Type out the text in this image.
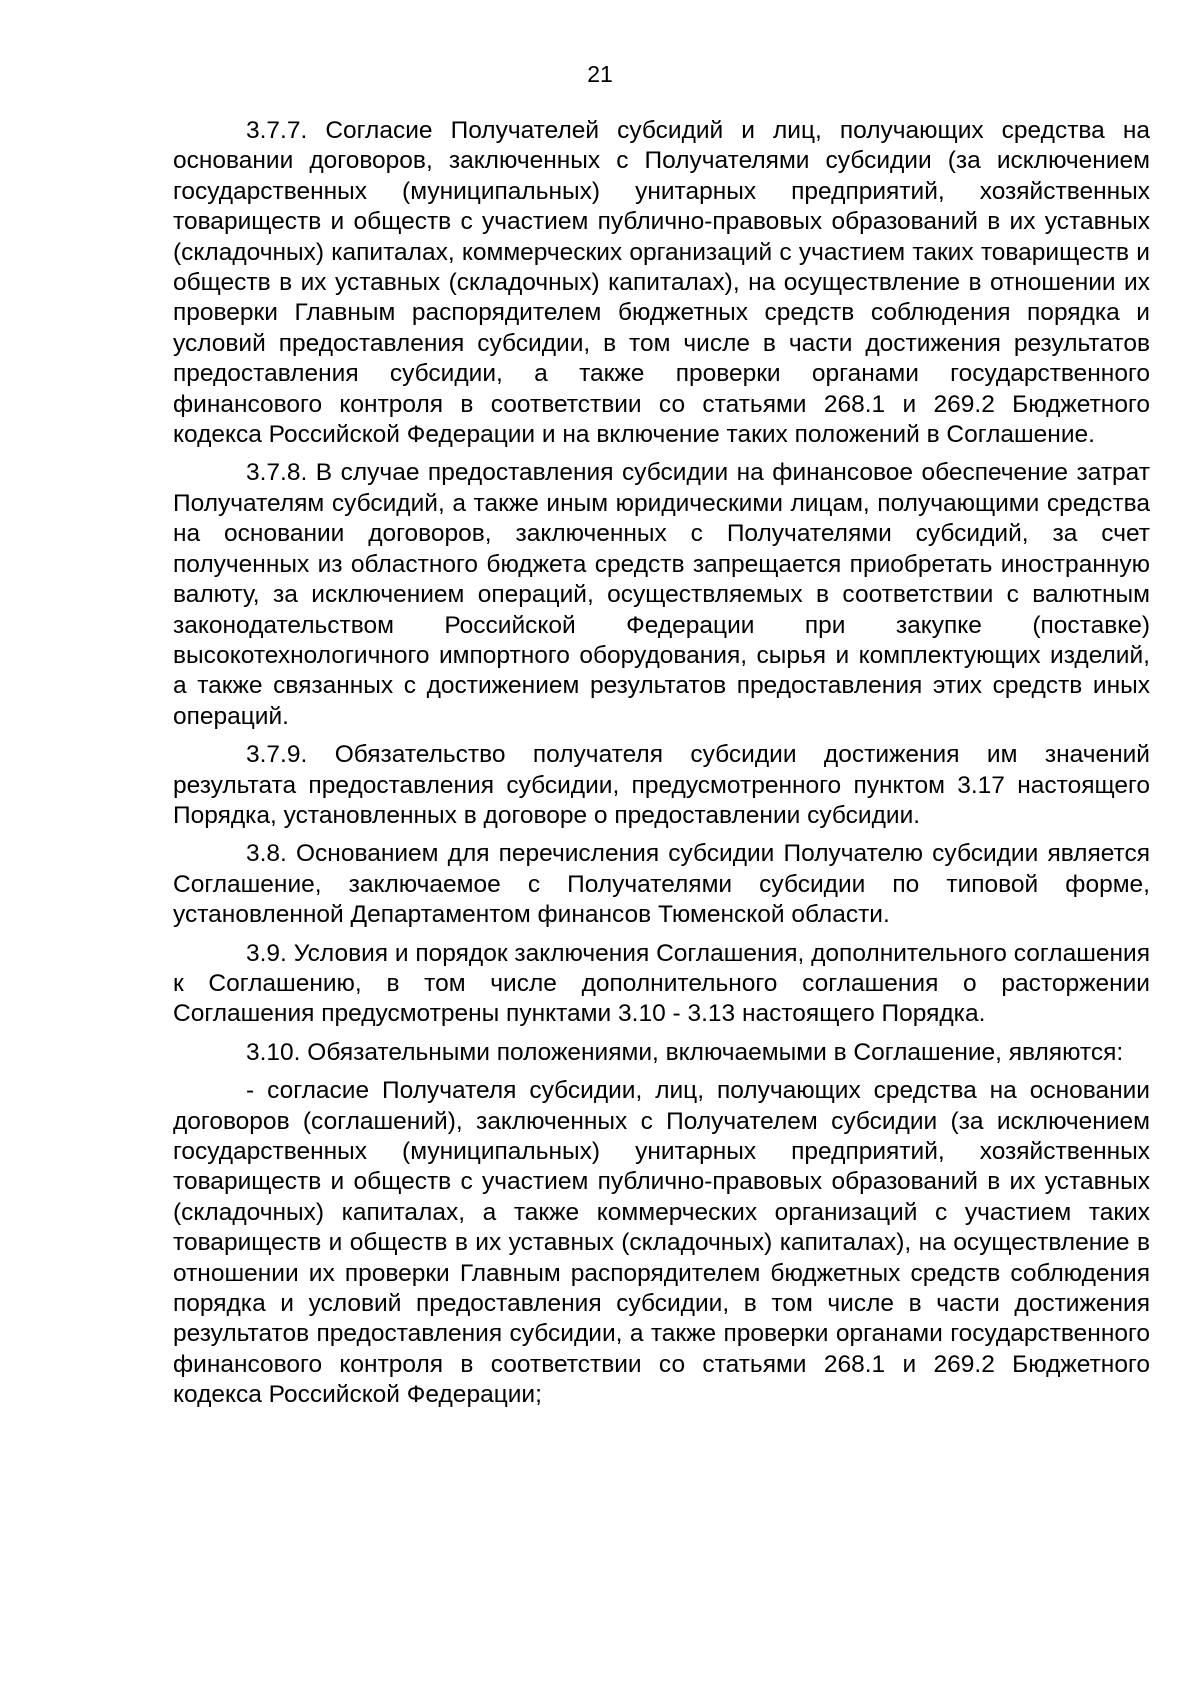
21

3.7.7. Согласие Получателей субсидий и лиц, получающих средства на основании договоров, заключенных с Получателями субсидии (за исключением государственных (муниципальных) унитарных предприятий, хозяйственных товариществ и обществ с участием публично-правовых образований в их уставных (складочных) капиталах, коммерческих организаций с участием таких товариществ и обществ в их уставных (складочных) капиталах), на осуществление в отношении их проверки Главным распорядителем бюджетных средств соблюдения порядка и условий предоставления субсидии, в том числе в части достижения результатов предоставления субсидии, а также проверки органами государственного финансового контроля в соответствии со статьями 268.1 и 269.2 Бюджетного кодекса Российской Федерации и на включение таких положений в Соглашение.

3.7.8. В случае предоставления субсидии на финансовое обеспечение затрат Получателям субсидий, а также иным юридическими лицам, получающими средства на основании договоров, заключенных с Получателями субсидий, за счет полученных из областного бюджета средств запрещается приобретать иностранную валюту, за исключением операций, осуществляемых в соответствии с валютным законодательством Российской Федерации при закупке (поставке) высокотехнологичного импортного оборудования, сырья и комплектующих изделий, а также связанных с достижением результатов предоставления этих средств иных операций.

3.7.9. Обязательство получателя субсидии достижения им значений результата предоставления субсидии, предусмотренного пунктом 3.17 настоящего Порядка, установленных в договоре о предоставлении субсидии.

3.8. Основанием для перечисления субсидии Получателю субсидии является Соглашение, заключаемое с Получателями субсидии по типовой форме, установленной Департаментом финансов Тюменской области.

3.9. Условия и порядок заключения Соглашения, дополнительного соглашения к Соглашению, в том числе дополнительного соглашения о расторжении Соглашения предусмотрены пунктами 3.10 - 3.13 настоящего Порядка.

3.10. Обязательными положениями, включаемыми в Соглашение, являются:

- согласие Получателя субсидии, лиц, получающих средства на основании договоров (соглашений), заключенных с Получателем субсидии (за исключением государственных (муниципальных) унитарных предприятий, хозяйственных товариществ и обществ с участием публично-правовых образований в их уставных (складочных) капиталах, а также коммерческих организаций с участием таких товариществ и обществ в их уставных (складочных) капиталах), на осуществление в отношении их проверки Главным распорядителем бюджетных средств соблюдения порядка и условий предоставления субсидии, в том числе в части достижения результатов предоставления субсидии, а также проверки органами государственного финансового контроля в соответствии со статьями 268.1 и 269.2 Бюджетного кодекса Российской Федерации;
